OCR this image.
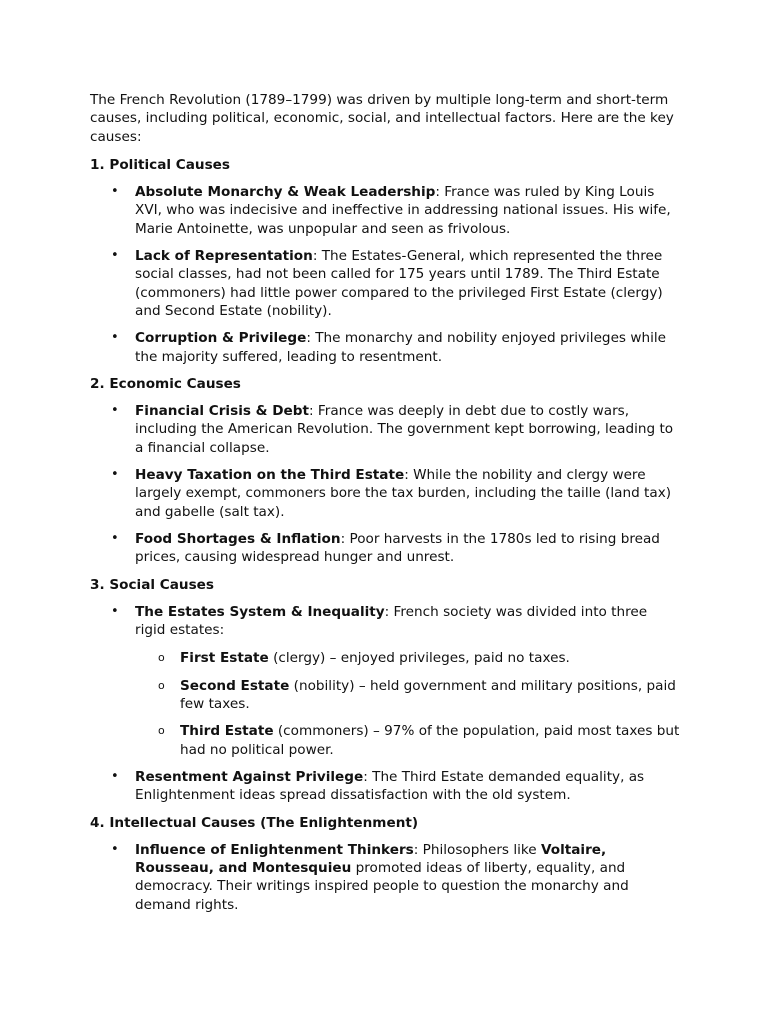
The French Revolution (1789–1799) was driven by multiple long-term and short-term causes, including political, economic, social, and intellectual factors. Here are the key causes:

1. Political Causes

• Absolute Monarchy & Weak Leadership: France was ruled by King Louis XVI, who was indecisive and ineffective in addressing national issues. His wife, Marie Antoinette, was unpopular and seen as frivolous.
• Lack of Representation: The Estates-General, which represented the three social classes, had not been called for 175 years until 1789. The Third Estate (commoners) had little power compared to the privileged First Estate (clergy) and Second Estate (nobility).
• Corruption & Privilege: The monarchy and nobility enjoyed privileges while the majority suffered, leading to resentment.

2. Economic Causes

• Financial Crisis & Debt: France was deeply in debt due to costly wars, including the American Revolution. The government kept borrowing, leading to a financial collapse.
• Heavy Taxation on the Third Estate: While the nobility and clergy were largely exempt, commoners bore the tax burden, including the taille (land tax) and gabelle (salt tax).
• Food Shortages & Inflation: Poor harvests in the 1780s led to rising bread prices, causing widespread hunger and unrest.

3. Social Causes

• The Estates System & Inequality: French society was divided into three rigid estates:
o First Estate (clergy) – enjoyed privileges, paid no taxes.
o Second Estate (nobility) – held government and military positions, paid few taxes.
o Third Estate (commoners) – 97% of the population, paid most taxes but had no political power.
• Resentment Against Privilege: The Third Estate demanded equality, as Enlightenment ideas spread dissatisfaction with the old system.

4. Intellectual Causes (The Enlightenment)

• Influence of Enlightenment Thinkers: Philosophers like Voltaire, Rousseau, and Montesquieu promoted ideas of liberty, equality, and democracy. Their writings inspired people to question the monarchy and demand rights.
